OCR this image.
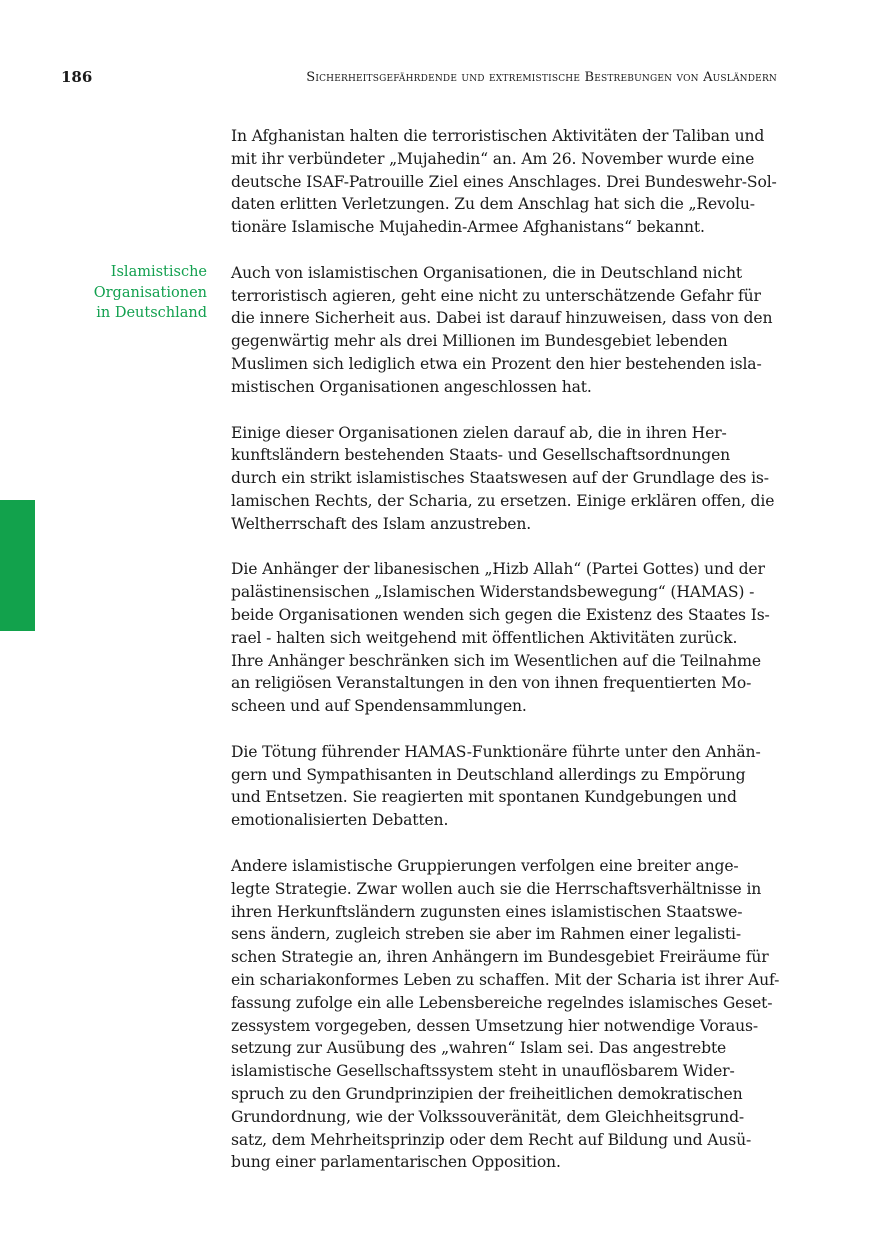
186	Sicherheitsgefährdende und extremistische Bestrebungen von Ausländern
Islamistische
Organisationen
in Deutschland

In Afghanistan halten die terroristischen Aktivitäten der Taliban und
mit ihr verbündeter „Mujahedin“ an. Am 26. November wurde eine
deutsche ISAF-Patrouille Ziel eines Anschlages. Drei Bundeswehr-Sol-
daten erlitten Verletzungen. Zu dem Anschlag hat sich die „Revolu-
tionäre Islamische Mujahedin-Armee Afghanistans“ bekannt.

Auch von islamistischen Organisationen, die in Deutschland nicht
terroristisch agieren, geht eine nicht zu unterschätzende Gefahr für
die innere Sicherheit aus. Dabei ist darauf hinzuweisen, dass von den
gegenwärtig mehr als drei Millionen im Bundesgebiet lebenden
Muslimen sich lediglich etwa ein Prozent den hier bestehenden isla-
mistischen Organisationen angeschlossen hat.

Einige dieser Organisationen zielen darauf ab, die in ihren Her-
kunftsländern bestehenden Staats- und Gesellschaftsordnungen
durch ein strikt islamistisches Staatswesen auf der Grundlage des is-
lamischen Rechts, der Scharia, zu ersetzen. Einige erklären offen, die
Weltherrschaft des Islam anzustreben.

Die Anhänger der libanesischen „Hizb Allah“ (Partei Gottes) und der
palästinensischen „Islamischen Widerstandsbewegung“ (HAMAS) -
beide Organisationen wenden sich gegen die Existenz des Staates Is-
rael - halten sich weitgehend mit öffentlichen Aktivitäten zurück.
Ihre Anhänger beschränken sich im Wesentlichen auf die Teilnahme
an religiösen Veranstaltungen in den von ihnen frequentierten Mo-
scheen und auf Spendensammlungen.

Die Tötung führender HAMAS-Funktionäre führte unter den Anhän-
gern und Sympathisanten in Deutschland allerdings zu Empörung
und Entsetzen. Sie reagierten mit spontanen Kundgebungen und
emotionalisierten Debatten.

Andere islamistische Gruppierungen verfolgen eine breiter ange-
legte Strategie. Zwar wollen auch sie die Herrschaftsverhältnisse in
ihren Herkunftsländern zugunsten eines islamistischen Staatswe-
sens ändern, zugleich streben sie aber im Rahmen einer legalisti-
schen Strategie an, ihren Anhängern im Bundesgebiet Freiräume für
ein schariakonformes Leben zu schaffen. Mit der Scharia ist ihrer Auf-
fassung zufolge ein alle Lebensbereiche regelndes islamisches Geset-
zessystem vorgegeben, dessen Umsetzung hier notwendige Voraus-
setzung zur Ausübung des „wahren“ Islam sei. Das angestrebte
islamistische Gesellschaftssystem steht in unauflösbarem Wider-
spruch zu den Grundprinzipien der freiheitlichen demokratischen
Grundordnung, wie der Volkssouveränität, dem Gleichheitsgrund-
satz, dem Mehrheitsprinzip oder dem Recht auf Bildung und Ausü-
bung einer parlamentarischen Opposition.
